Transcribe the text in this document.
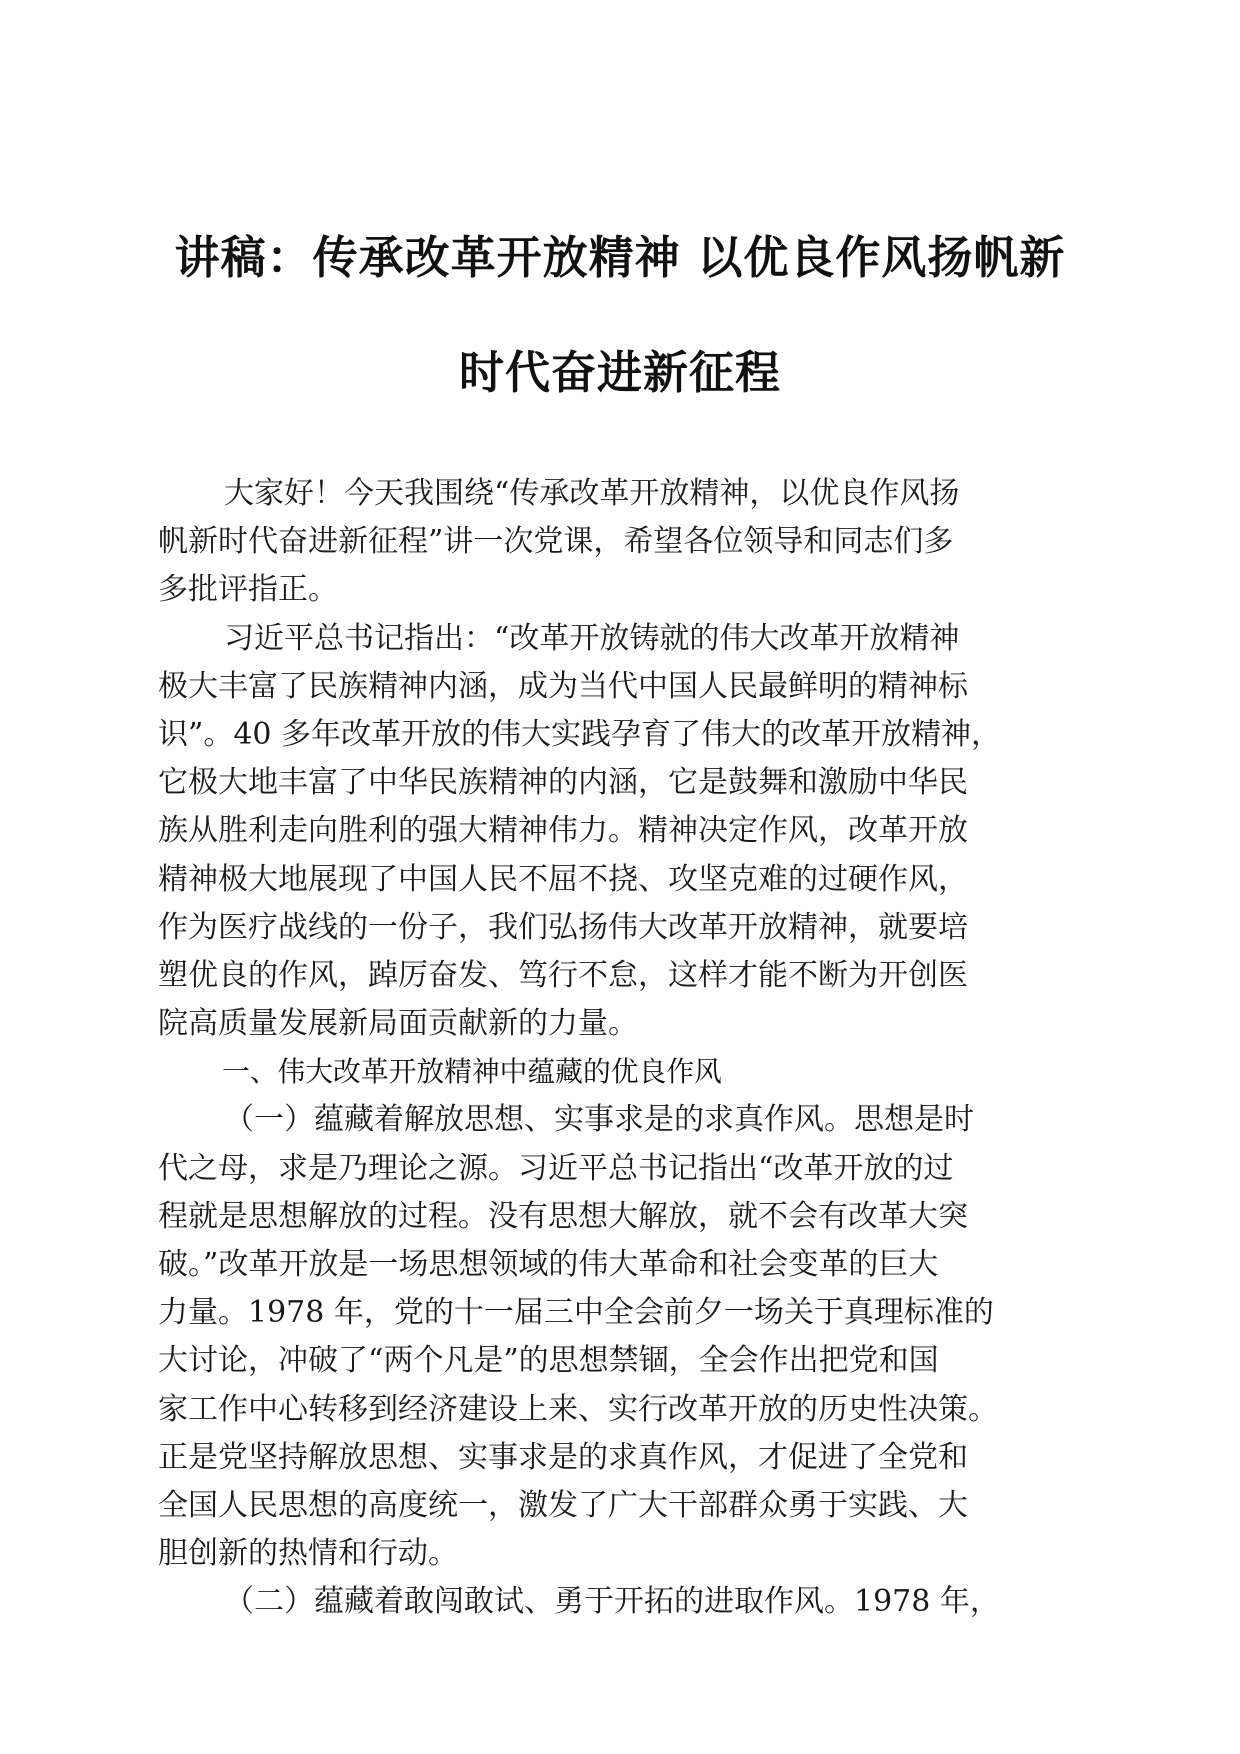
讲稿：传承改革开放精神 以优良作风扬帆新
时代奋进新征程
大家好！今天我围绕“传承改革开放精神，以优良作风扬
帆新时代奋进新征程”讲一次党课，希望各位领导和同志们多
多批评指正。
习近平总书记指出：“改革开放铸就的伟大改革开放精神
极大丰富了民族精神内涵，成为当代中国人民最鲜明的精神标
识”。40 多年改革开放的伟大实践孕育了伟大的改革开放精神，
它极大地丰富了中华民族精神的内涵，它是鼓舞和激励中华民
族从胜利走向胜利的强大精神伟力。精神决定作风，改革开放
精神极大地展现了中国人民不屈不挠、攻坚克难的过硬作风，
作为医疗战线的一份子，我们弘扬伟大改革开放精神，就要培
塑优良的作风，踔厉奋发、笃行不怠，这样才能不断为开创医
院高质量发展新局面贡献新的力量。
一、伟大改革开放精神中蕴藏的优良作风
（一）蕴藏着解放思想、实事求是的求真作风。思想是时
代之母，求是乃理论之源。习近平总书记指出“改革开放的过
程就是思想解放的过程。没有思想大解放，就不会有改革大突
破。”改革开放是一场思想领域的伟大革命和社会变革的巨大
力量。1978 年，党的十一届三中全会前夕一场关于真理标准的
大讨论，冲破了“两个凡是”的思想禁锢，全会作出把党和国
家工作中心转移到经济建设上来、实行改革开放的历史性决策。
正是党坚持解放思想、实事求是的求真作风，才促进了全党和
全国人民思想的高度统一，激发了广大干部群众勇于实践、大
胆创新的热情和行动。
（二）蕴藏着敢闯敢试、勇于开拓的进取作风。1978 年，
